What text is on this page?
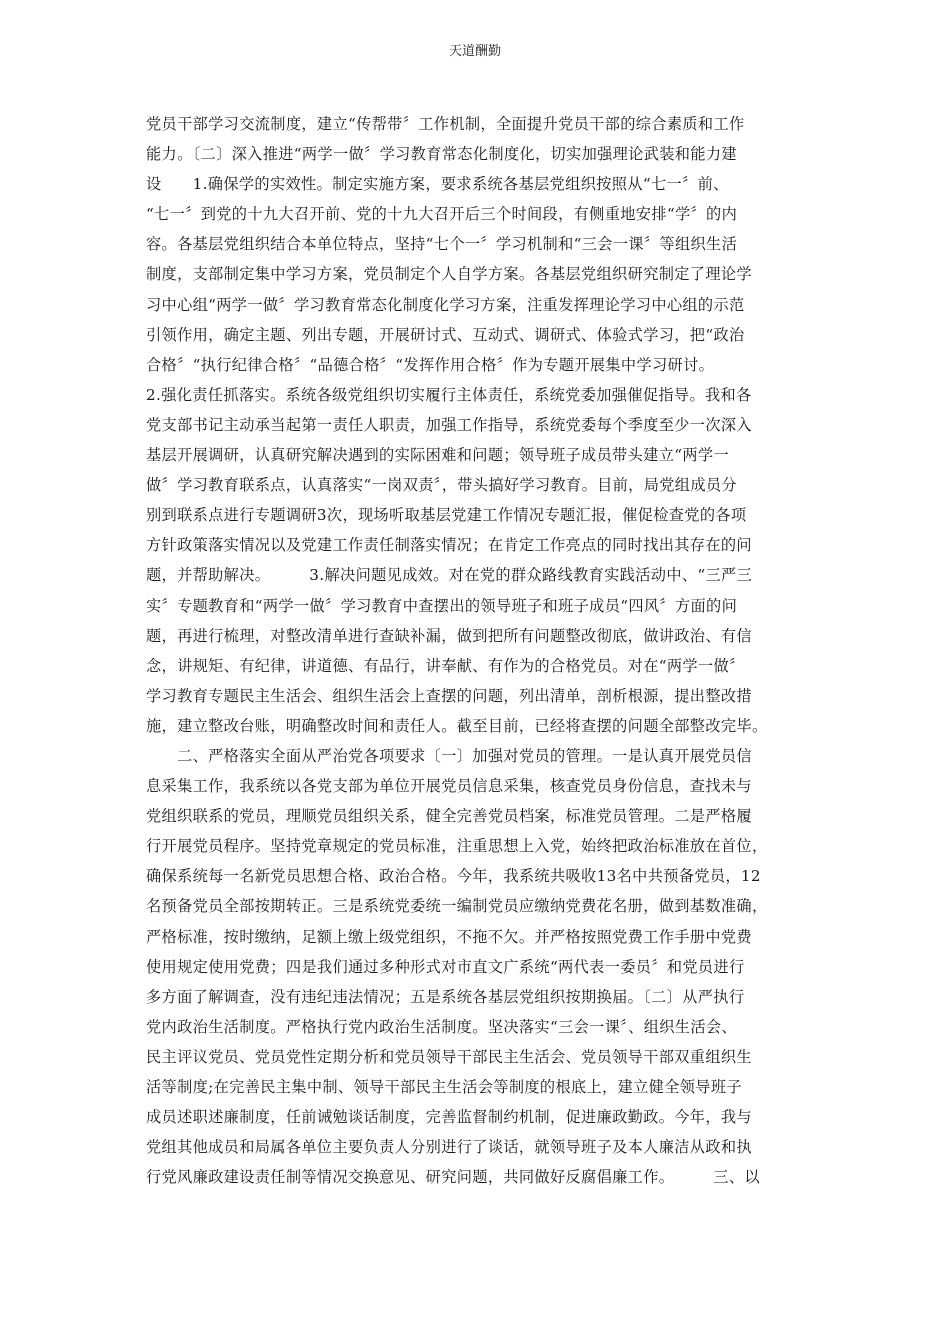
天道酬勤
党员干部学习交流制度，建立“传帮带〞工作机制，全面提升党员干部的综合素质和工作
能力。〔二〕深入推进“两学一做〞学习教育常态化制度化，切实加强理论武装和能力建
设　　1.确保学的实效性。制定实施方案，要求系统各基层党组织按照从“七一〞前、
“七一〞到党的十九大召开前、党的十九大召开后三个时间段，有侧重地安排“学〞的内
容。各基层党组织结合本单位特点，坚持“七个一〞学习机制和“三会一课〞等组织生活
制度，支部制定集中学习方案，党员制定个人自学方案。各基层党组织研究制定了理论学
习中心组“两学一做〞学习教育常态化制度化学习方案，注重发挥理论学习中心组的示范
引领作用，确定主题、列出专题，开展研讨式、互动式、调研式、体验式学习，把“政治
合格〞“执行纪律合格〞“品德合格〞“发挥作用合格〞作为专题开展集中学习研讨。
2.强化责任抓落实。系统各级党组织切实履行主体责任，系统党委加强催促指导。我和各
党支部书记主动承当起第一责任人职责，加强工作指导，系统党委每个季度至少一次深入
基层开展调研，认真研究解决遇到的实际困难和问题；领导班子成员带头建立“两学一
做〞学习教育联系点，认真落实“一岗双责〞，带头搞好学习教育。目前，局党组成员分
别到联系点进行专题调研3次，现场听取基层党建工作情况专题汇报，催促检查党的各项
方针政策落实情况以及党建工作责任制落实情况；在肯定工作亮点的同时找出其存在的问
题，并帮助解决。　　　3.解决问题见成效。对在党的群众路线教育实践活动中、“三严三
实〞专题教育和“两学一做〞学习教育中查摆出的领导班子和班子成员“四风〞方面的问
题，再进行梳理，对整改清单进行查缺补漏，做到把所有问题整改彻底，做讲政治、有信
念，讲规矩、有纪律，讲道德、有品行，讲奉献、有作为的合格党员。对在“两学一做〞
学习教育专题民主生活会、组织生活会上查摆的问题，列出清单，剖析根源，提出整改措
施，建立整改台账，明确整改时间和责任人。截至目前，已经将查摆的问题全部整改完毕。
　　二、严格落实全面从严治党各项要求〔一〕加强对党员的管理。一是认真开展党员信
息采集工作，我系统以各党支部为单位开展党员信息采集，核查党员身份信息，查找未与
党组织联系的党员，理顺党员组织关系，健全完善党员档案，标准党员管理。二是严格履
行开展党员程序。坚持党章规定的党员标准，注重思想上入党，始终把政治标准放在首位，
确保系统每一名新党员思想合格、政治合格。今年，我系统共吸收13名中共预备党员，12
名预备党员全部按期转正。三是系统党委统一编制党员应缴纳党费花名册，做到基数准确，
严格标准，按时缴纳，足额上缴上级党组织，不拖不欠。并严格按照党费工作手册中党费
使用规定使用党费；四是我们通过多种形式对市直文广系统“两代表一委员〞和党员进行
多方面了解调查，没有违纪违法情况；五是系统各基层党组织按期换届。〔二〕从严执行
党内政治生活制度。严格执行党内政治生活制度。坚决落实“三会一课〞、组织生活会、
民主评议党员、党员党性定期分析和党员领导干部民主生活会、党员领导干部双重组织生
活等制度;在完善民主集中制、领导干部民主生活会等制度的根底上，建立健全领导班子
成员述职述廉制度，任前诫勉谈话制度，完善监督制约机制，促进廉政勤政。今年，我与
党组其他成员和局属各单位主要负责人分别进行了谈话，就领导班子及本人廉洁从政和执
行党风廉政建设责任制等情况交换意见、研究问题，共同做好反腐倡廉工作。　　　三、以
